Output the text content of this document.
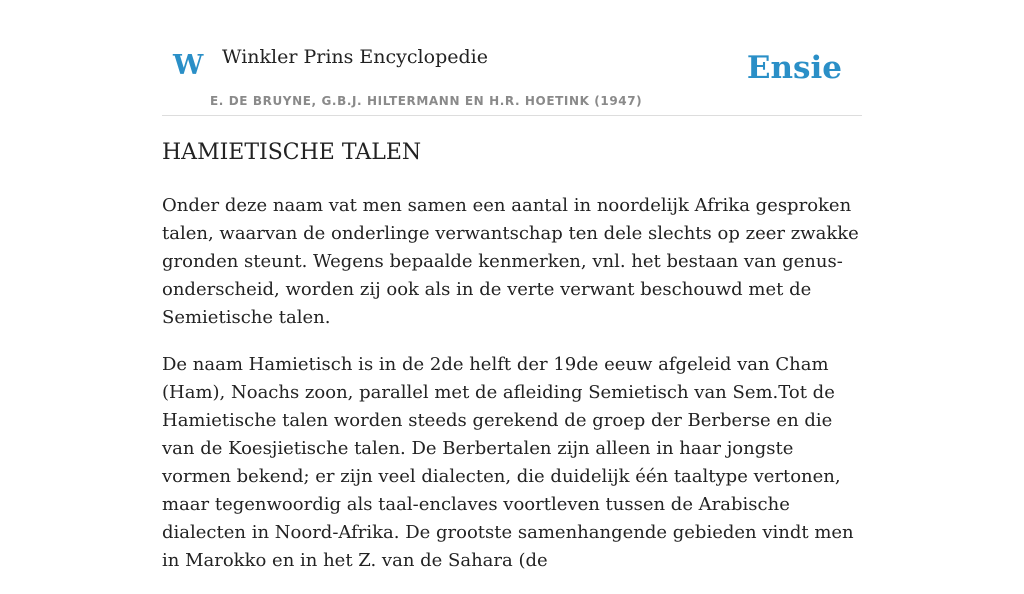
W Winkler Prins Encyclopedie
E. DE BRUYNE, G.B.J. HILTERMANN EN H.R. HOETINK (1947)
Ensie
HAMIETISCHE TALEN

Onder deze naam vat men samen een aantal in noordelijk Afrika gesproken talen, waarvan de onderlinge verwantschap ten dele slechts op zeer zwakke gronden steunt. Wegens bepaalde kenmerken, vnl. het bestaan van genus-onderscheid, worden zij ook als in de verte verwant beschouwd met de Semietische talen.

De naam Hamietisch is in de 2de helft der 19de eeuw afgeleid van Cham (Ham), Noachs zoon, parallel met de afleiding Semietisch van Sem.Tot de Hamietische talen worden steeds gerekend de groep der Berberse en die van de Koesjietische talen. De Berbertalen zijn alleen in haar jongste vormen bekend; er zijn veel dialecten, die duidelijk één taaltype vertonen, maar tegenwoordig als taal-enclaves voortleven tussen de Arabische dialecten in Noord-Afrika. De grootste samenhangende gebieden vindt men in Marokko en in het Z. van de Sahara (de
